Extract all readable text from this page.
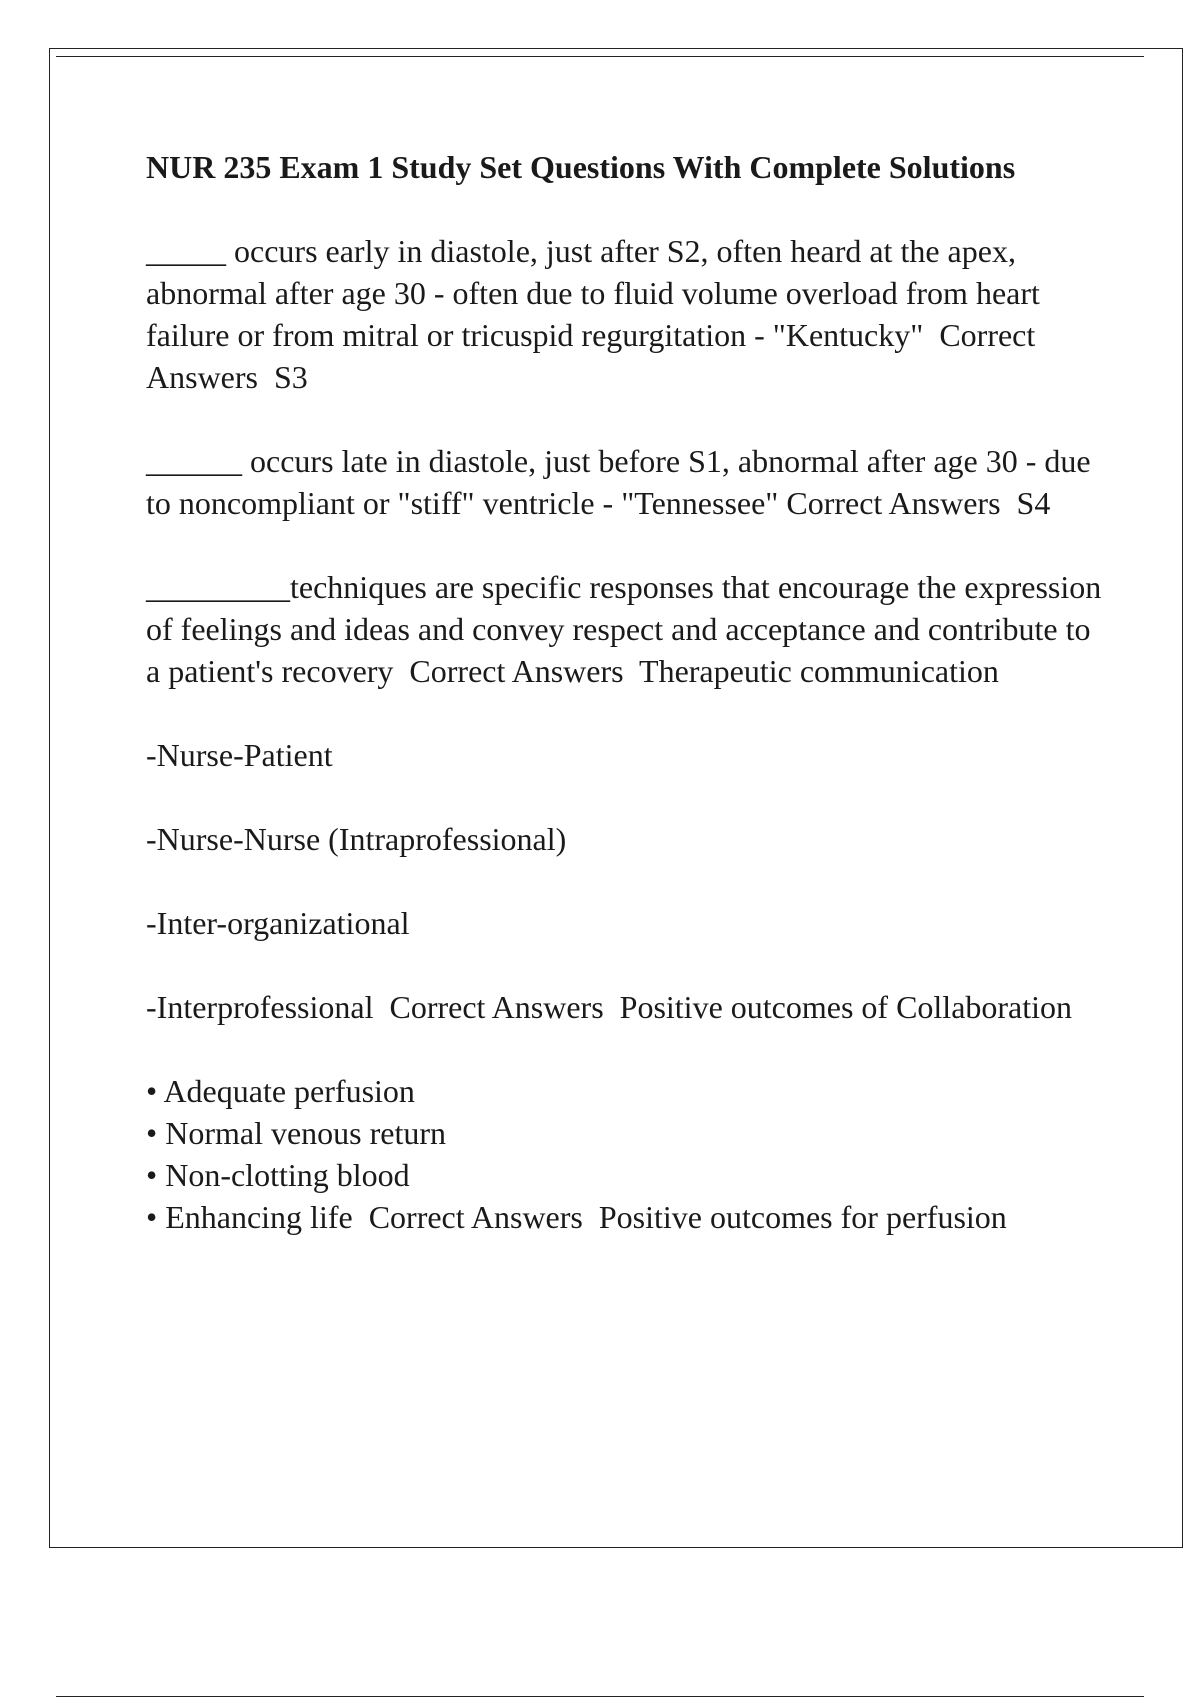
NUR 235 Exam 1 Study Set Questions With Complete Solutions

_____ occurs early in diastole, just after S2, often heard at the apex, abnormal after age 30 - often due to fluid volume overload from heart failure or from mitral or tricuspid regurgitation - "Kentucky"  Correct Answers  S3

______ occurs late in diastole, just before S1, abnormal after age 30 - due to noncompliant or "stiff" ventricle - "Tennessee" Correct Answers  S4

_________techniques are specific responses that encourage the expression of feelings and ideas and convey respect and acceptance and contribute to a patient's recovery  Correct Answers  Therapeutic communication

-Nurse-Patient

-Nurse-Nurse (Intraprofessional)

-Inter-organizational

-Interprofessional  Correct Answers  Positive outcomes of Collaboration

• Adequate perfusion
• Normal venous return
• Non-clotting blood
• Enhancing life  Correct Answers  Positive outcomes for perfusion
